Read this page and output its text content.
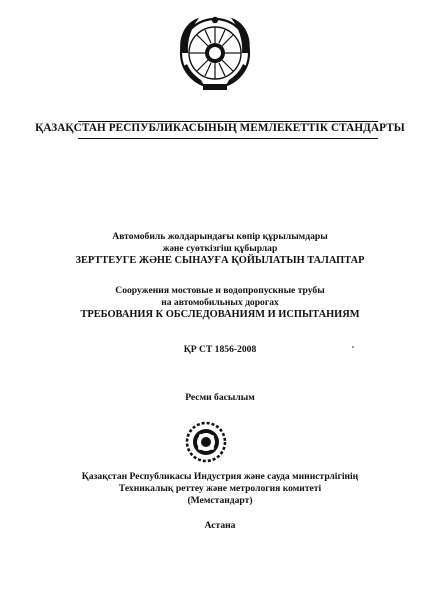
ҚАЗАҚСТАН РЕСПУБЛИКАСЫНЫҢ МЕМЛЕКЕТТІК СТАНДАРТЫ
Автомобиль жолдарындағы көпір құрылымдары
және суөткізгіш құбырлар
ЗЕРТТЕУГЕ ЖӘНЕ СЫНАУҒА ҚОЙЫЛАТЫН ТАЛАПТАР
Сооружения мостовые и водопропускные трубы
на автомобильных дорогах
ТРЕБОВАНИЯ К ОБСЛЕДОВАНИЯМ И ИСПЫТАНИЯМ
ҚР СТ 1856-2008
Ресми басылым
Қазақстан Республикасы Индустрия және сауда министрлігінің
Техникалық реттеу және метрология комитеті
(Мемстандарт)
Астана
